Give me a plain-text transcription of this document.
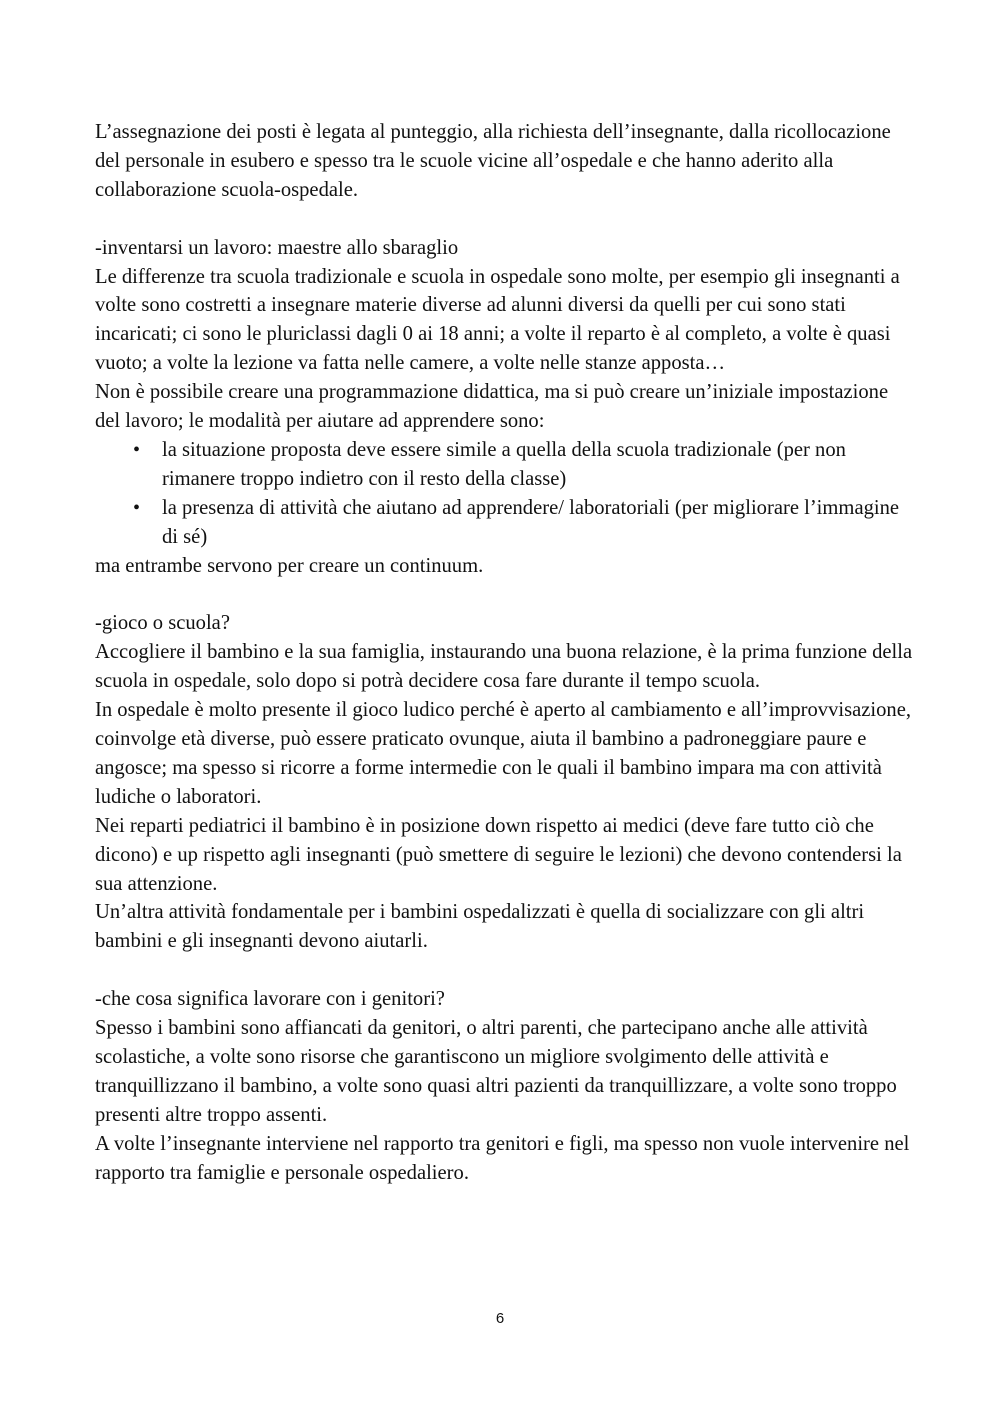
L’assegnazione dei posti è legata al punteggio, alla richiesta dell’insegnante, dalla ricollocazione del personale in esubero e spesso tra le scuole vicine all’ospedale e che hanno aderito alla collaborazione scuola-ospedale.

-inventarsi un lavoro: maestre allo sbaraglio

Le differenze tra scuola tradizionale e scuola in ospedale sono molte, per esempio gli insegnanti a volte sono costretti a insegnare materie diverse ad alunni diversi da quelli per cui sono stati incaricati; ci sono le pluriclassi dagli 0 ai 18 anni; a volte il reparto è al completo, a volte è quasi vuoto; a volte la lezione va fatta nelle camere, a volte nelle stanze apposta…

Non è possibile creare una programmazione didattica, ma si può creare un’iniziale impostazione del lavoro; le modalità per aiutare ad apprendere sono:

• la situazione proposta deve essere simile a quella della scuola tradizionale (per non rimanere troppo indietro con il resto della classe)
• la presenza di attività che aiutano ad apprendere/ laboratoriali (per migliorare l’immagine di sé)

ma entrambe servono per creare un continuum.

-gioco o scuola?

Accogliere il bambino e la sua famiglia, instaurando una buona relazione, è la prima funzione della scuola in ospedale, solo dopo si potrà decidere cosa fare durante il tempo scuola.

In ospedale è molto presente il gioco ludico perché è aperto al cambiamento e all’improvvisazione, coinvolge età diverse, può essere praticato ovunque, aiuta il bambino a padroneggiare paure e angosce; ma spesso si ricorre a forme intermedie con le quali il bambino impara ma con attività ludiche o laboratori.

Nei reparti pediatrici il bambino è in posizione down rispetto ai medici (deve fare tutto ciò che dicono) e up rispetto agli insegnanti (può smettere di seguire le lezioni) che devono contendersi la sua attenzione.

Un’altra attività fondamentale per i bambini ospedalizzati è quella di socializzare con gli altri bambini e gli insegnanti devono aiutarli.

-che cosa significa lavorare con i genitori?

Spesso i bambini sono affiancati da genitori, o altri parenti, che partecipano anche alle attività scolastiche, a volte sono risorse che garantiscono un migliore svolgimento delle attività e tranquillizzano il bambino, a volte sono quasi altri pazienti da tranquillizzare, a volte sono troppo presenti altre troppo assenti.

A volte l’insegnante interviene nel rapporto tra genitori e figli, ma spesso non vuole intervenire nel rapporto tra famiglie e personale ospedaliero.

6
